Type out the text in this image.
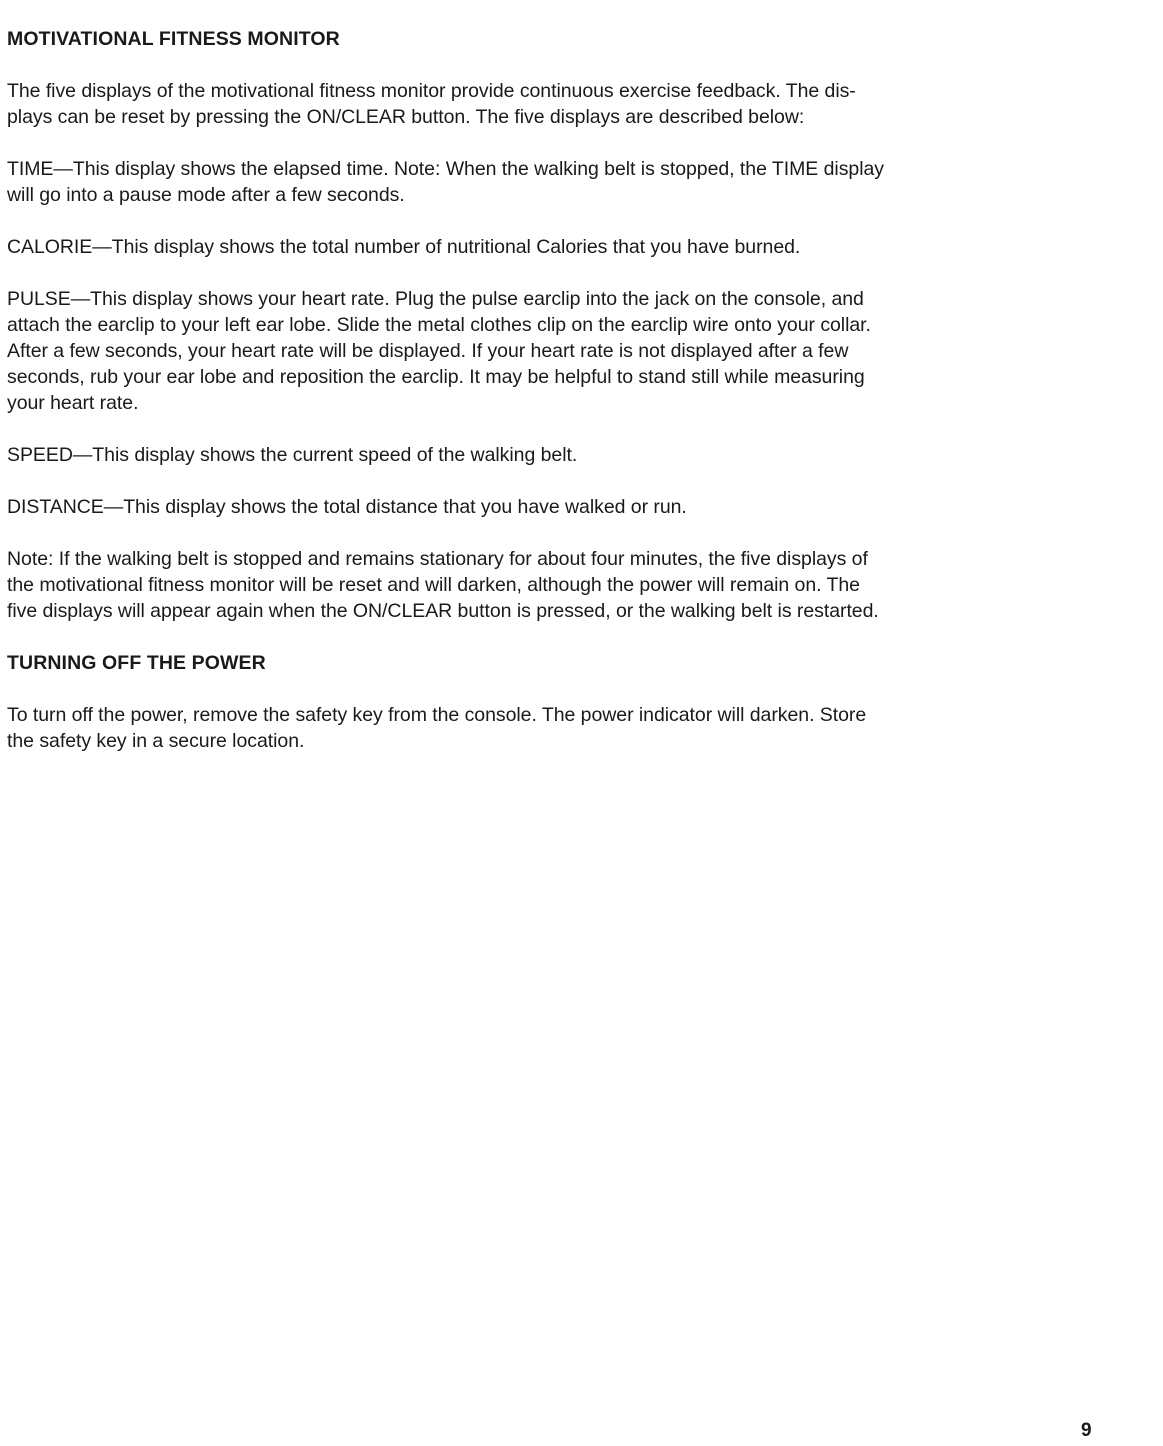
MOTIVATIONAL FITNESS MONITOR

The five displays of the motivational fitness monitor provide continuous exercise feedback. The dis-
plays can be reset by pressing the ON/CLEAR button. The five displays are described below:

TIME—This display shows the elapsed time. Note: When the walking belt is stopped, the TIME display
will go into a pause mode after a few seconds.

CALORIE—This display shows the total number of nutritional Calories that you have burned.

PULSE—This display shows your heart rate. Plug the pulse earclip into the jack on the console, and
attach the earclip to your left ear lobe. Slide the metal clothes clip on the earclip wire onto your collar.
After a few seconds, your heart rate will be displayed. If your heart rate is not displayed after a few
seconds, rub your ear lobe and reposition the earclip. It may be helpful to stand still while measuring
your heart rate.

SPEED—This display shows the current speed of the walking belt.

DISTANCE—This display shows the total distance that you have walked or run.

Note: If the walking belt is stopped and remains stationary for about four minutes, the five displays of
the motivational fitness monitor will be reset and will darken, although the power will remain on. The
five displays will appear again when the ON/CLEAR button is pressed, or the walking belt is restarted.

TURNING OFF THE POWER

To turn off the power, remove the safety key from the console. The power indicator will darken. Store
the safety key in a secure location.

9
